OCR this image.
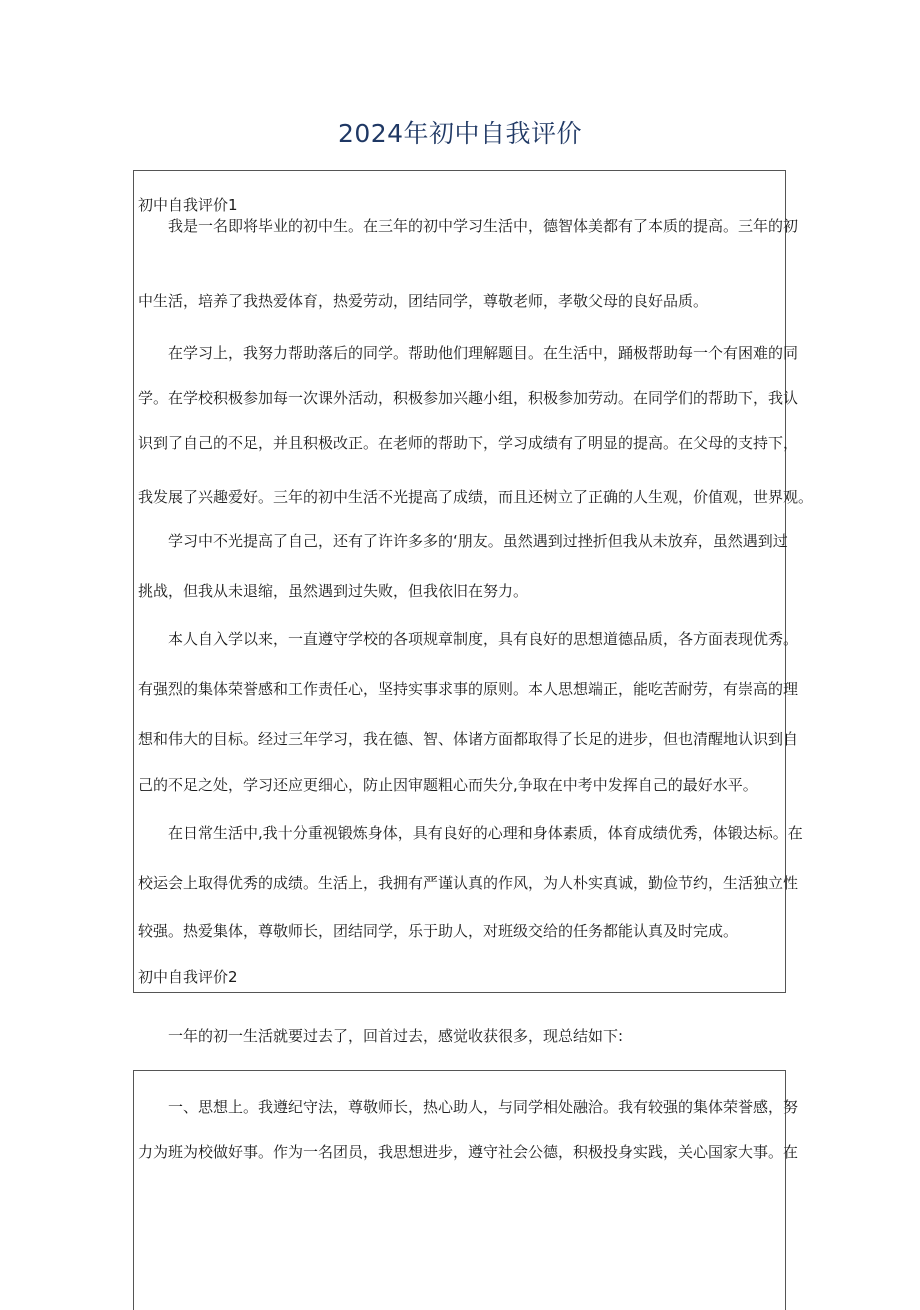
2024年初中自我评价
初中自我评价1
我是一名即将毕业的初中生。在三年的初中学习生活中，德智体美都有了本质的提高。三年的初
中生活，培养了我热爱体育，热爱劳动，团结同学，尊敬老师，孝敬父母的良好品质。
在学习上，我努力帮助落后的同学。帮助他们理解题目。在生活中，踊极帮助每一个有困难的同
学。在学校积极参加每一次课外活动，积极参加兴趣小组，积极参加劳动。在同学们的帮助下，我认
识到了自己的不足，并且积极改正。在老师的帮助下，学习成绩有了明显的提高。在父母的支持下，
我发展了兴趣爱好。三年的初中生活不光提高了成绩，而且还树立了正确的人生观，价值观，世界观。
学习中不光提高了自己，还有了许许多多的‘朋友。虽然遇到过挫折但我从未放弃，虽然遇到过
挑战，但我从未退缩，虽然遇到过失败，但我依旧在努力。
本人自入学以来，一直遵守学校的各项规章制度，具有良好的思想道德品质，各方面表现优秀。
有强烈的集体荣誉感和工作责任心，坚持实事求事的原则。本人思想端正，能吃苦耐劳，有崇高的理
想和伟大的目标。经过三年学习，我在德、智、体诸方面都取得了长足的进步，但也清醒地认识到自
己的不足之处，学习还应更细心，防止因审题粗心而失分,争取在中考中发挥自己的最好水平。
在日常生活中,我十分重视锻炼身体，具有良好的心理和身体素质，体育成绩优秀，体锻达标。在
校运会上取得优秀的成绩。生活上，我拥有严谨认真的作风，为人朴实真诚，勤俭节约，生活独立性
较强。热爱集体，尊敬师长，团结同学，乐于助人，对班级交给的任务都能认真及时完成。
初中自我评价2
一年的初一生活就要过去了，回首过去，感觉收获很多，现总结如下:
一、思想上。我遵纪守法，尊敬师长，热心助人，与同学相处融洽。我有较强的集体荣誉感，努
力为班为校做好事。作为一名团员，我思想进步，遵守社会公德，积极投身实践，关心国家大事。在
